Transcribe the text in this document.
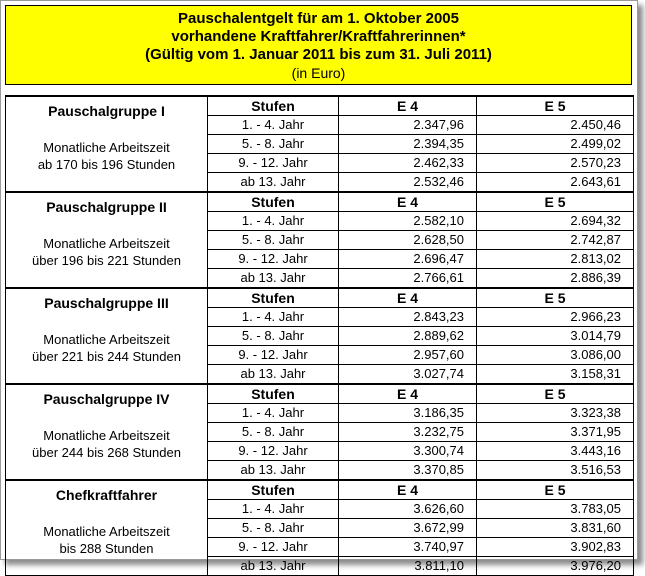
Pauschalentgelt für am 1. Oktober 2005
vorhandene Kraftfahrer/Kraftfahrerinnen*
(Gültig vom 1. Januar 2011 bis zum 31. Juli 2011)
(in Euro)
Pauschalgruppe I
Monatliche Arbeitszeit
ab 170 bis 196 Stunden	Stufen	E 4	E 5
	1. - 4. Jahr	2.347,96	2.450,46
	5. - 8. Jahr	2.394,35	2.499,02
	9. - 12. Jahr	2.462,33	2.570,23
	ab 13. Jahr	2.532,46	2.643,61

Pauschalgruppe II
Monatliche Arbeitszeit
über 196 bis 221 Stunden	Stufen	E 4	E 5
	1. - 4. Jahr	2.582,10	2.694,32
	5. - 8. Jahr	2.628,50	2.742,87
	9. - 12. Jahr	2.696,47	2.813,02
	ab 13. Jahr	2.766,61	2.886,39

Pauschalgruppe III
Monatliche Arbeitszeit
über 221 bis 244 Stunden	Stufen	E 4	E 5
	1. - 4. Jahr	2.843,23	2.966,23
	5. - 8. Jahr	2.889,62	3.014,79
	9. - 12. Jahr	2.957,60	3.086,00
	ab 13. Jahr	3.027,74	3.158,31

Pauschalgruppe IV
Monatliche Arbeitszeit
über 244 bis 268 Stunden	Stufen	E 4	E 5
	1. - 4. Jahr	3.186,35	3.323,38
	5. - 8. Jahr	3.232,75	3.371,95
	9. - 12. Jahr	3.300,74	3.443,16
	ab 13. Jahr	3.370,85	3.516,53

Chefkraftfahrer
Monatliche Arbeitszeit
bis 288 Stunden	Stufen	E 4	E 5
	1. - 4. Jahr	3.626,60	3.783,05
	5. - 8. Jahr	3.672,99	3.831,60
	9. - 12. Jahr	3.740,97	3.902,83
	ab 13. Jahr	3.811,10	3.976,20
